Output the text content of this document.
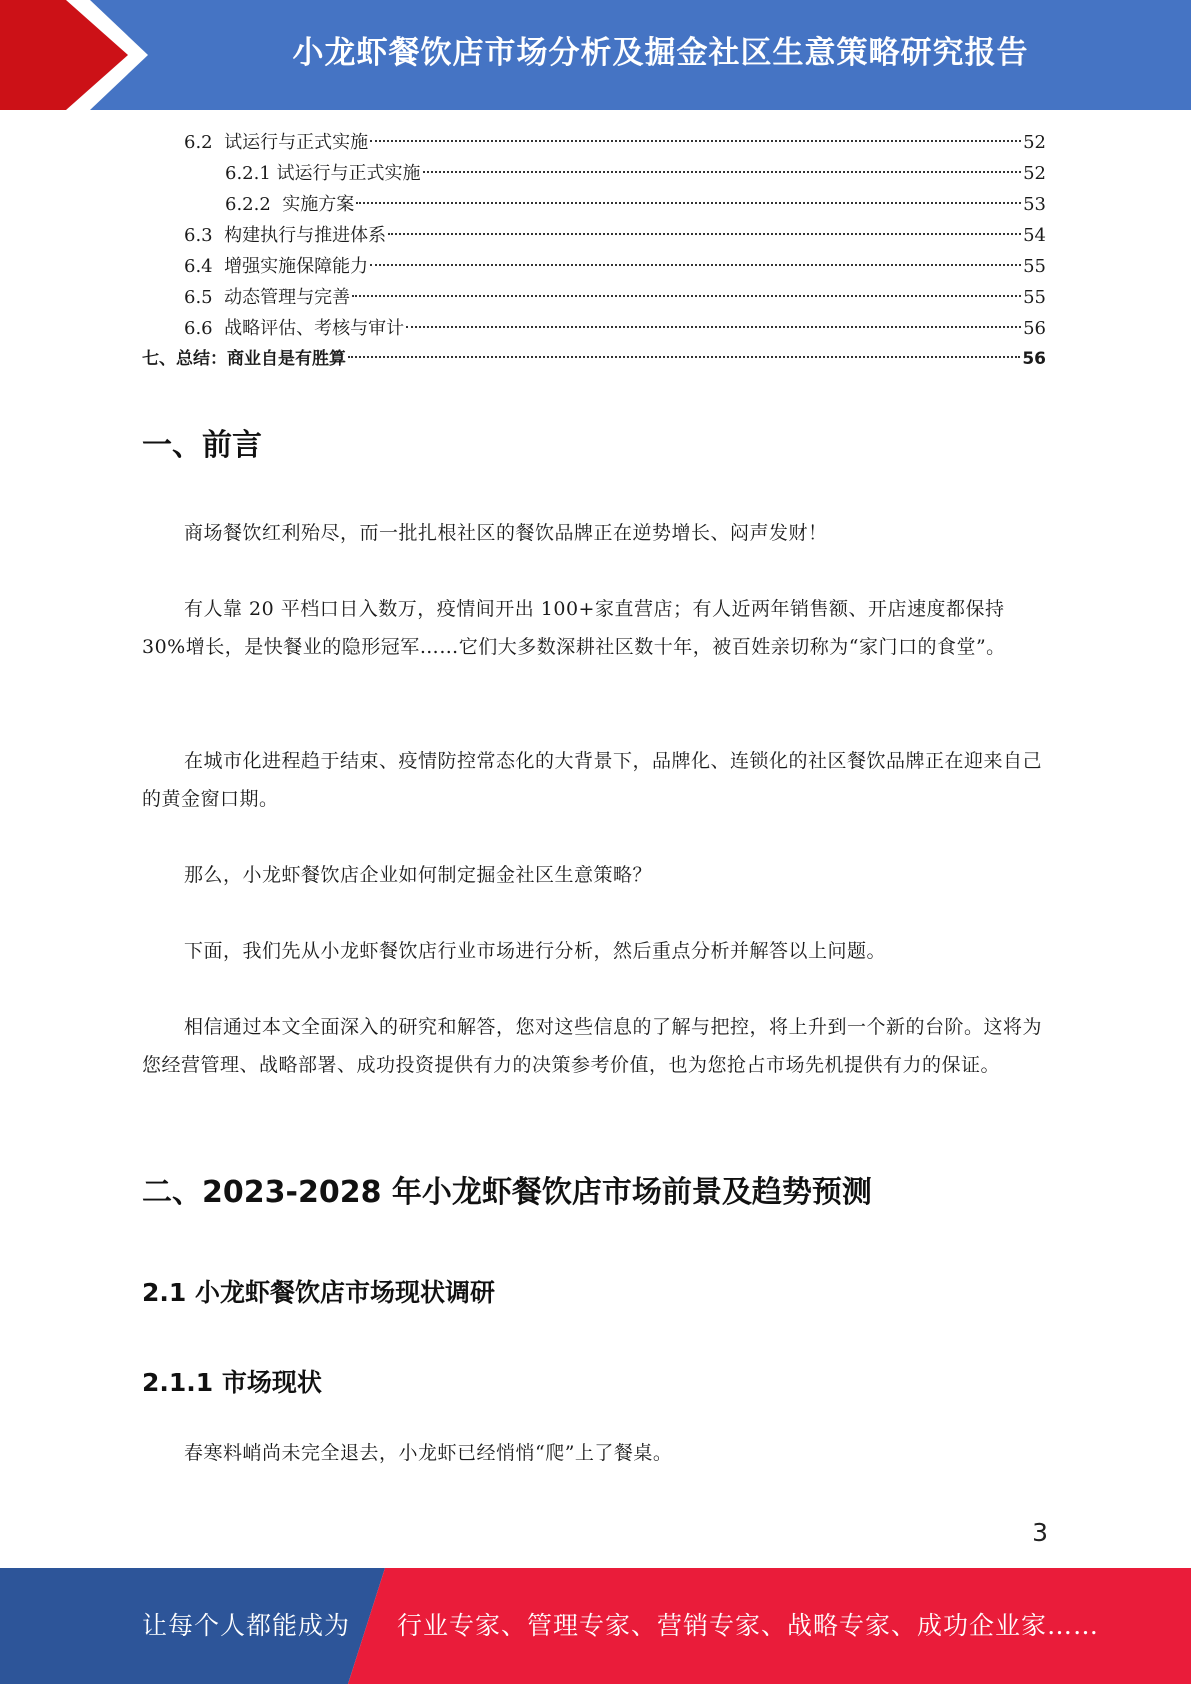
小龙虾餐饮店市场分析及掘金社区生意策略研究报告
6.2  试运行与正式实施	52
6.2.1 试运行与正式实施	52
6.2.2  实施方案	53
6.3  构建执行与推进体系	54
6.4  增强实施保障能力	55
6.5  动态管理与完善	55
6.6  战略评估、考核与审计	56
七、总结：商业自是有胜算	56
一、前言

商场餐饮红利殆尽，而一批扎根社区的餐饮品牌正在逆势增长、闷声发财！

有人靠 20 平档口日入数万，疫情间开出 100+家直营店；有人近两年销售额、开店速度都保持 30%增长，是快餐业的隐形冠军……它们大多数深耕社区数十年，被百姓亲切称为“家门口的食堂”。

在城市化进程趋于结束、疫情防控常态化的大背景下，品牌化、连锁化的社区餐饮品牌正在迎来自己的黄金窗口期。

那么，小龙虾餐饮店企业如何制定掘金社区生意策略？

下面，我们先从小龙虾餐饮店行业市场进行分析，然后重点分析并解答以上问题。

相信通过本文全面深入的研究和解答，您对这些信息的了解与把控，将上升到一个新的台阶。这将为您经营管理、战略部署、成功投资提供有力的决策参考价值，也为您抢占市场先机提供有力的保证。

二、2023-2028 年小龙虾餐饮店市场前景及趋势预测
2.1 小龙虾餐饮店市场现状调研
2.1.1 市场现状

春寒料峭尚未完全退去，小龙虾已经悄悄“爬”上了餐桌。

3
让每个人都能成为 行业专家、管理专家、营销专家、战略专家、成功企业家……
